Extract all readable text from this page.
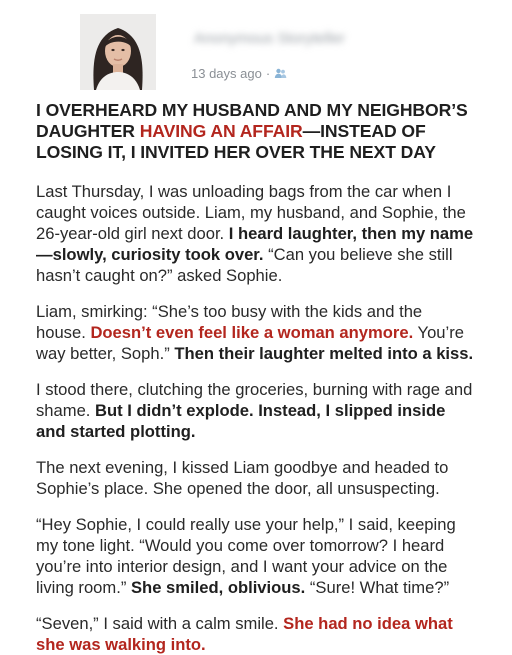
Anonymous Storyteller
13 days ago ·
I OVERHEARD MY HUSBAND AND MY NEIGHBOR’S DAUGHTER HAVING AN AFFAIR—INSTEAD OF LOSING IT, I INVITED HER OVER THE NEXT DAY

Last Thursday, I was unloading bags from the car when I caught voices outside. Liam, my husband, and Sophie, the 26-year-old girl next door. I heard laughter, then my name—slowly, curiosity took over. “Can you believe she still hasn’t caught on?” asked Sophie.

Liam, smirking: “She’s too busy with the kids and the house. Doesn’t even feel like a woman anymore. You’re way better, Soph.” Then their laughter melted into a kiss.

I stood there, clutching the groceries, burning with rage and shame. But I didn’t explode. Instead, I slipped inside and started plotting.

The next evening, I kissed Liam goodbye and headed to Sophie’s place. She opened the door, all unsuspecting.

“Hey Sophie, I could really use your help,” I said, keeping my tone light. “Would you come over tomorrow? I heard you’re into interior design, and I want your advice on the living room.” She smiled, oblivious. “Sure! What time?”

“Seven,” I said with a calm smile. She had no idea what she was walking into.
